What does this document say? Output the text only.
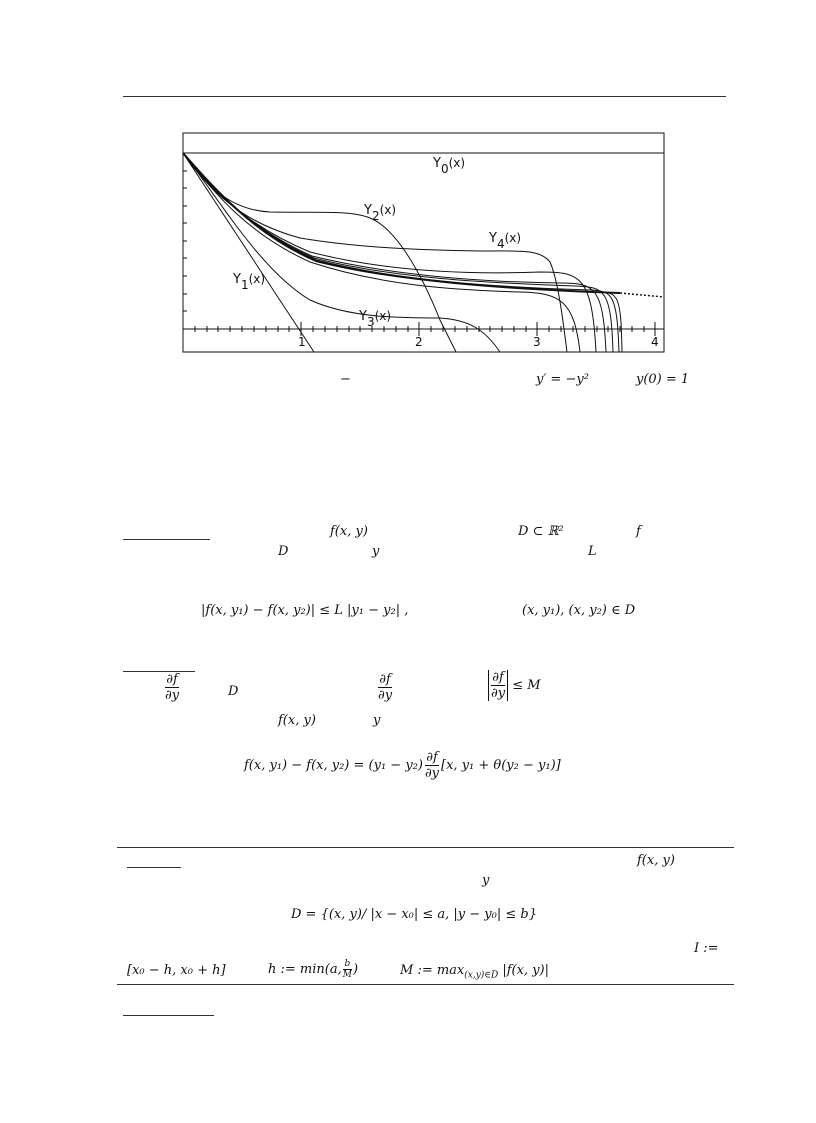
1	2	3	4
Y0(x)
Y2(x)
Y4(x)
Y1(x)
Y3(x)
−	y′ = −y²	y(0) = 1
f(x, y)	D ⊂ ℝ²	f
D	y	L
|f(x, y₁) − f(x, y₂)| ≤ L |y₁ − y₂| ,	(x, y₁), (x, y₂) ∈ D
$\frac{\partial f}{\partial y}$	D	$\frac{\partial f}{\partial y}$	$\frac{\partial f}{\partial y} \le M$
f(x, y)	y
f(x, y₁) − f(x, $y_2) = (y_1 - y_2) \frac{\partial f}{\partial y} [x$, y₁ + θ(y₂ − y₁)]
f(x, y)
y
D = {(x, y)/ |x − x₀| ≤ a, |y − y₀| ≤ b}
I :=
[x₀ − h, x₀ + h]	h := min(a, $\frac{b}{M}$ )	M := $\max_{(x,y)\in D} |f(x$, y)|
